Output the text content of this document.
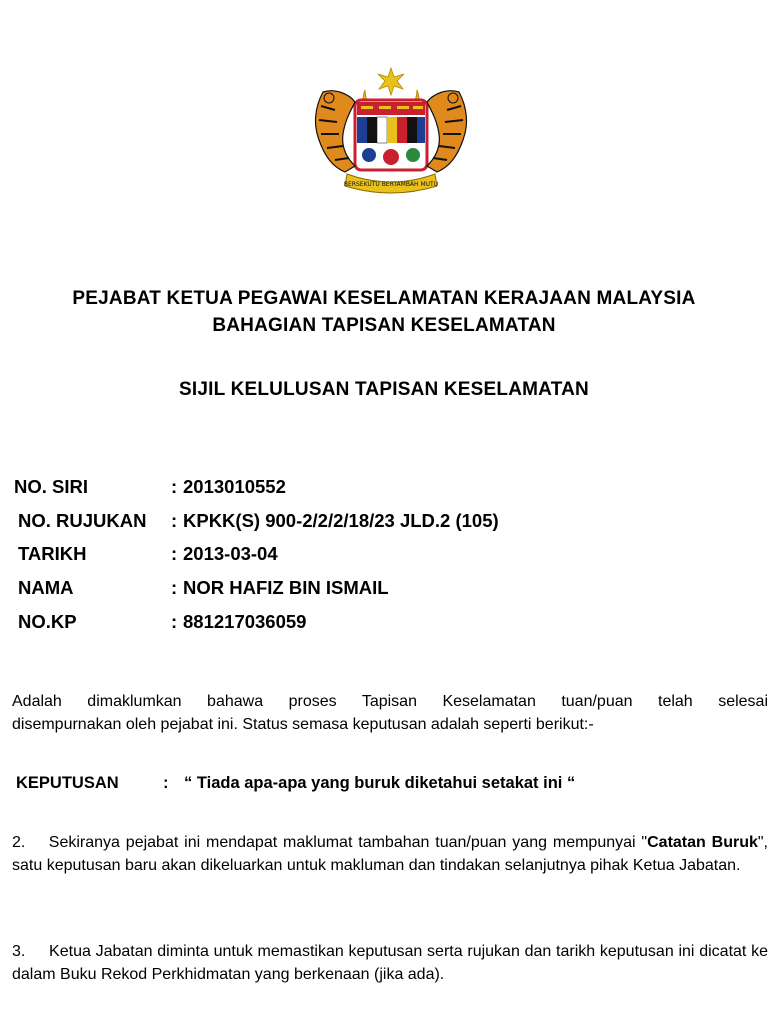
BERSEKUTU BERTAMBAH MUTU
PEJABAT KETUA PEGAWAI KESELAMATAN KERAJAAN MALAYSIA
BAHAGIAN TAPISAN KESELAMATAN
SIJIL KELULUSAN TAPISAN KESELAMATAN
NO. SIRI	: 2013010552
NO. RUJUKAN : KPKK(S) 900-2/2/2/18/23 JLD.2 (105)
TARIKH	: 2013-03-04
NAMA	: NOR HAFIZ BIN ISMAIL
NO.KP	: 881217036059
Adalah dimaklumkan bahawa proses Tapisan Keselamatan tuan/puan telah selesai
disempurnakan oleh pejabat ini. Status semasa keputusan adalah seperti berikut:-
KEPUTUSAN	: “ Tiada apa-apa yang buruk diketahui setakat ini “
2.    Sekiranya pejabat ini mendapat maklumat tambahan tuan/puan yang mempunyai "Catatan Buruk", satu keputusan baru akan dikeluarkan untuk makluman dan tindakan selanjutnya pihak Ketua Jabatan.
3.     Ketua Jabatan diminta untuk memastikan keputusan serta rujukan dan tarikh keputusan ini dicatat ke dalam Buku Rekod Perkhidmatan yang berkenaan (jika ada).
